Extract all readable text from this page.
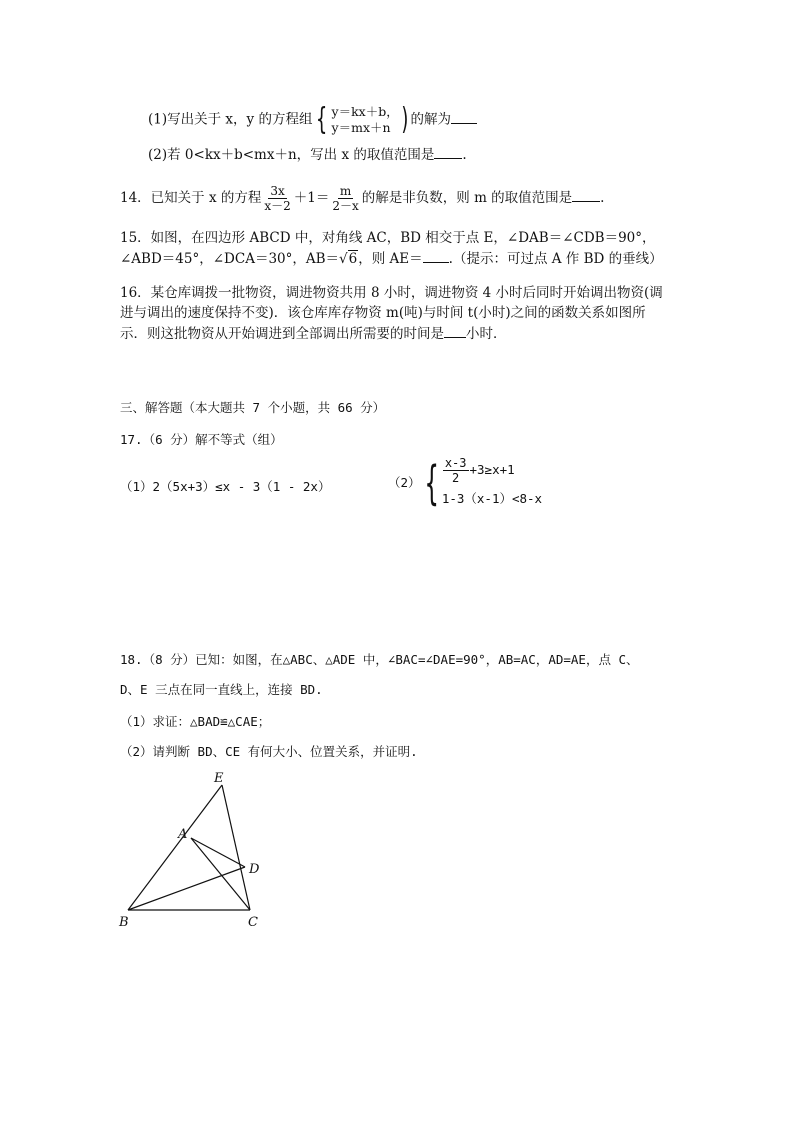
(1)写出关于 x，y 的方程组 { y＝kx＋b，
y＝mx＋n ) 的解为
(2)若 0<kx＋b<mx＋n，写出 x 的取值范围是 .
14．已知关于 x 的方程 $\frac{3x}{x-2} +1= \frac{m}{2-x}$ 的解是非负数，则 m 的取值范围是 .
15．如图，在四边形 ABCD 中，对角线 AC，BD 相交于点 E，∠DAB＝∠CDB＝90°，
∠ABD＝45°，∠DCA＝30°，AB＝√6，则 AE＝ .（提示：可过点 A 作 BD 的垂线）
16．某仓库调拨一批物资，调进物资共用 8 小时，调进物资 4 小时后同时开始调出物资(调
进与调出的速度保持不变)．该仓库库存物资 m(吨)与时间 t(小时)之间的函数关系如图所
示．则这批物资从开始调进到全部调出所需要的时间是 小时．
三、解答题（本大题共 7 个小题，共 66 分）
17.（6 分）解不等式（组）
（1）2（5x+3）≤x - 3（1 - 2x）	（2） { $\frac{x-3}{2} +3\ge x+1$
1-3（x-1）<8-x
18.（8 分）已知：如图，在△ABC、△ADE 中，∠BAC=∠DAE=90°，AB=AC，AD=AE，点 C、
D、E 三点在同一直线上，连接 BD.
（1）求证：△BAD≌△CAE；
（2）请判断 BD、CE 有何大小、位置关系，并证明.
E
A
D
B	C
